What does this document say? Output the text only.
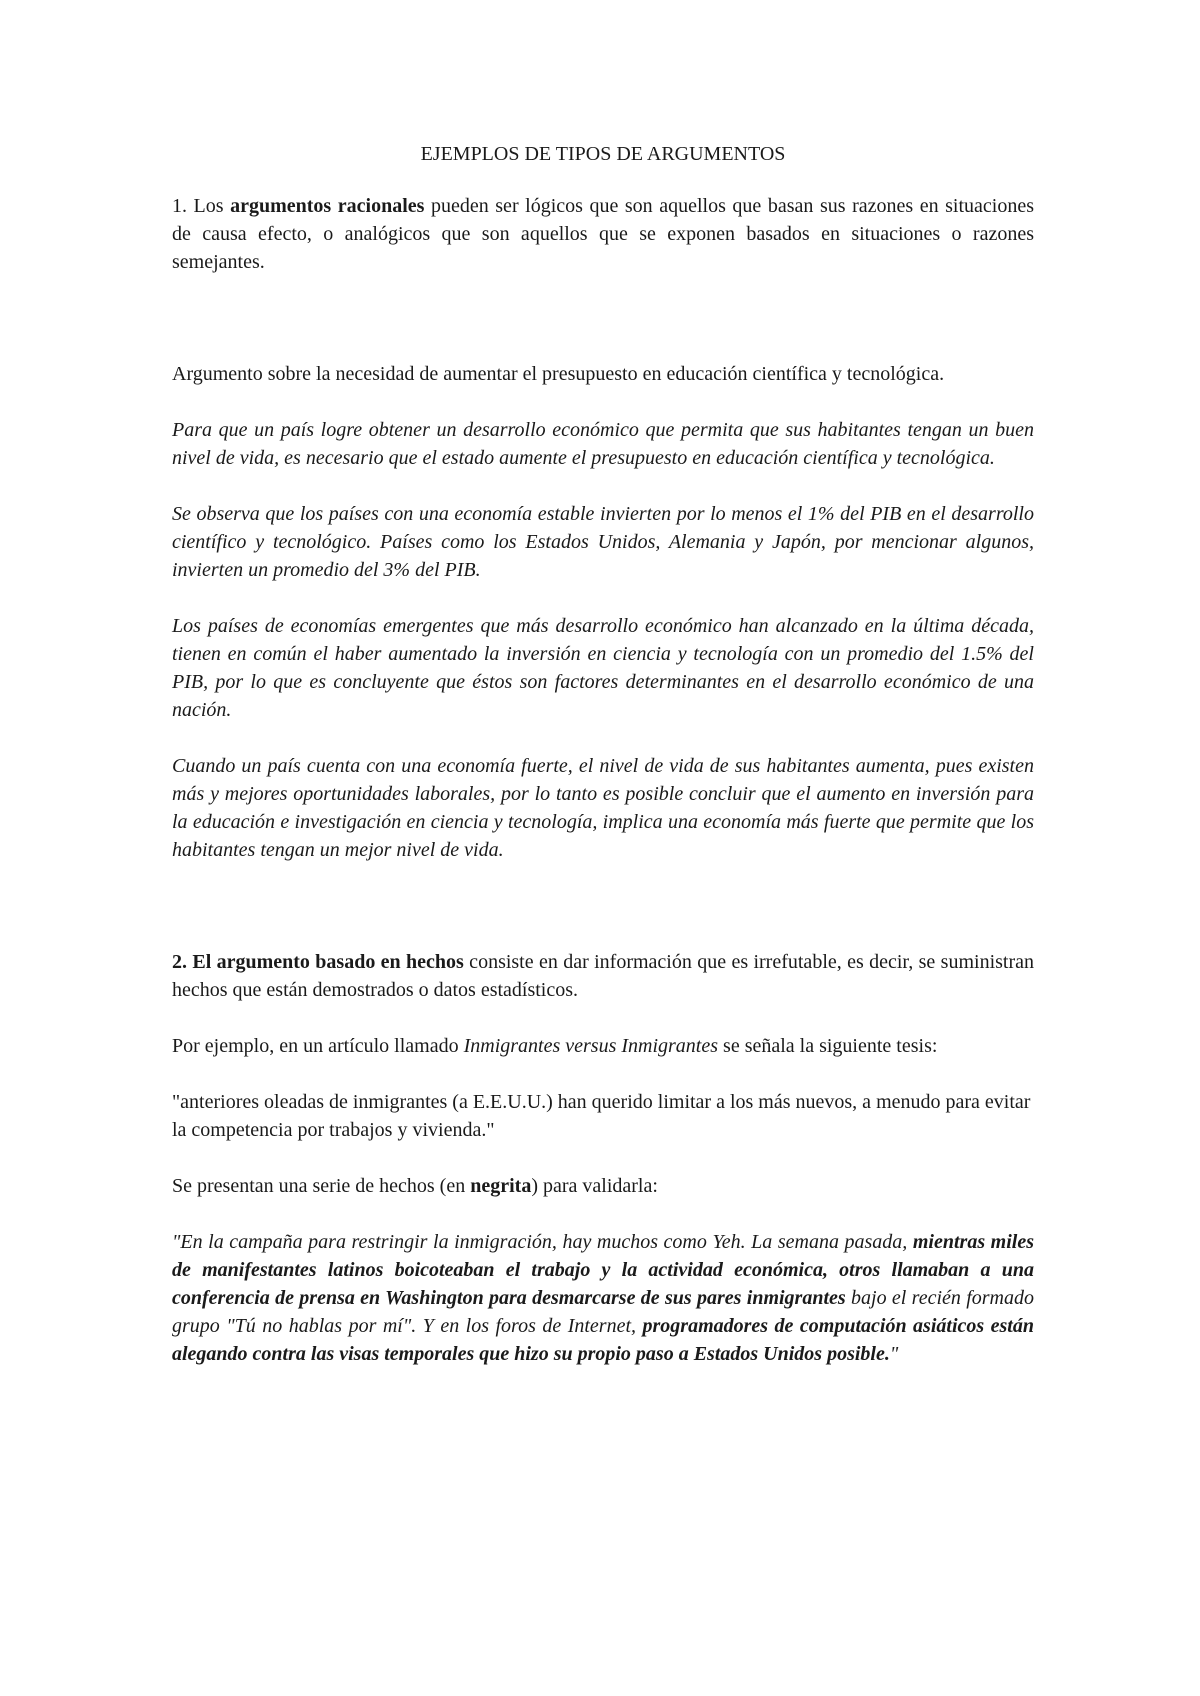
EJEMPLOS DE TIPOS DE ARGUMENTOS

1. Los argumentos racionales pueden ser lógicos que son aquellos que basan sus razones en situaciones de causa efecto, o analógicos que son aquellos que se exponen basados en situaciones o razones semejantes.

Argumento sobre la necesidad de aumentar el presupuesto en educación científica y tecnológica.

Para que un país logre obtener un desarrollo económico que permita que sus habitantes tengan un buen nivel de vida, es necesario que el estado aumente el presupuesto en educación científica y tecnológica.

Se observa que los países con una economía estable invierten por lo menos el 1% del PIB en el desarrollo científico y tecnológico. Países como los Estados Unidos, Alemania y Japón, por mencionar algunos, invierten un promedio del 3% del PIB.

Los países de economías emergentes que más desarrollo económico han alcanzado en la última década, tienen en común el haber aumentado la inversión en ciencia y tecnología con un promedio del 1.5% del PIB, por lo que es concluyente que éstos son factores determinantes en el desarrollo económico de una nación.

Cuando un país cuenta con una economía fuerte, el nivel de vida de sus habitantes aumenta, pues existen más y mejores oportunidades laborales, por lo tanto es posible concluir que el aumento en inversión para la educación e investigación en ciencia y tecnología, implica una economía más fuerte que permite que los habitantes tengan un mejor nivel de vida.

2. El argumento basado en hechos consiste en dar información que es irrefutable, es decir, se suministran hechos que están demostrados o datos estadísticos.

Por ejemplo, en un artículo llamado Inmigrantes versus Inmigrantes se señala la siguiente tesis:

"anteriores oleadas de inmigrantes (a E.E.U.U.) han querido limitar a los más nuevos, a menudo para evitar la competencia por trabajos y vivienda."

Se presentan una serie de hechos (en negrita) para validarla:

"En la campaña para restringir la inmigración, hay muchos como Yeh. La semana pasada, mientras miles de manifestantes latinos boicoteaban el trabajo y la actividad económica, otros llamaban a una conferencia de prensa en Washington para desmarcarse de sus pares inmigrantes bajo el recién formado grupo "Tú no hablas por mí". Y en los foros de Internet, programadores de computación asiáticos están alegando contra las visas temporales que hizo su propio paso a Estados Unidos posible."
